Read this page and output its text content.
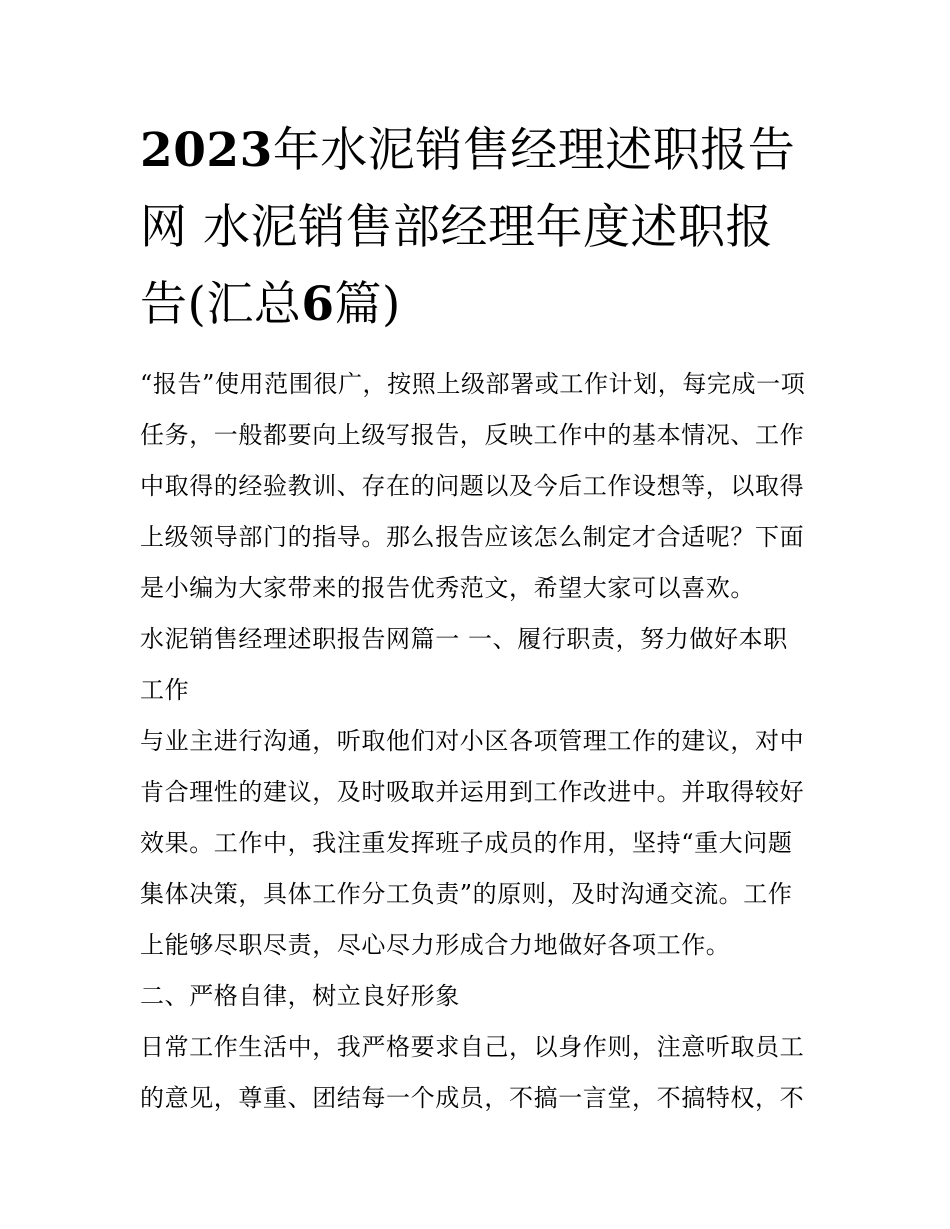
2023年水泥销售经理述职报告
网 水泥销售部经理年度述职报
告(汇总6篇)

“报告”使用范围很广，按照上级部署或工作计划，每完成一项任务，一般都要向上级写报告，反映工作中的基本情况、工作中取得的经验教训、存在的问题以及今后工作设想等，以取得上级领导部门的指导。那么报告应该怎么制定才合适呢？下面是小编为大家带来的报告优秀范文，希望大家可以喜欢。

水泥销售经理述职报告网篇一 一、履行职责，努力做好本职工作

与业主进行沟通，听取他们对小区各项管理工作的建议，对中肯合理性的建议，及时吸取并运用到工作改进中。并取得较好效果。工作中，我注重发挥班子成员的作用，坚持“重大问题集体决策，具体工作分工负责”的原则，及时沟通交流。工作上能够尽职尽责，尽心尽力形成合力地做好各项工作。

二、严格自律，树立良好形象

日常工作生活中，我严格要求自己，以身作则，注意听取员工的意见，尊重、团结每一个成员，不搞一言堂，不搞特权，不
